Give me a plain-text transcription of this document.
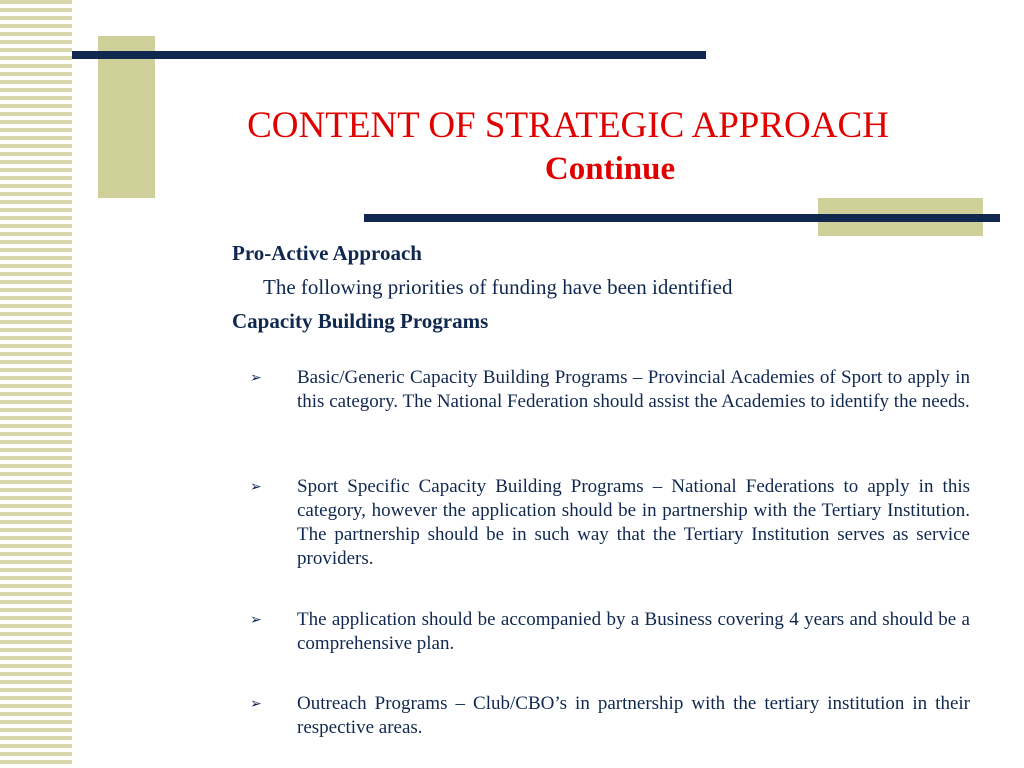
CONTENT OF STRATEGIC APPROACH
Continue
Pro-Active Approach
The following priorities of funding have been identified
Capacity Building Programs
➢	Basic/Generic Capacity Building Programs – Provincial Academies of Sport to apply in this category. The National Federation should assist the Academies to identify the needs.
➢	Sport Specific Capacity Building Programs – National Federations to apply in this category, however the application should be in partnership with the Tertiary Institution. The partnership should be in such way that the Tertiary Institution serves as service providers.
➢	The application should be accompanied by a Business covering 4 years and should be a comprehensive plan.
➢	Outreach Programs – Club/CBO’s in partnership with the tertiary institution in their respective areas.
